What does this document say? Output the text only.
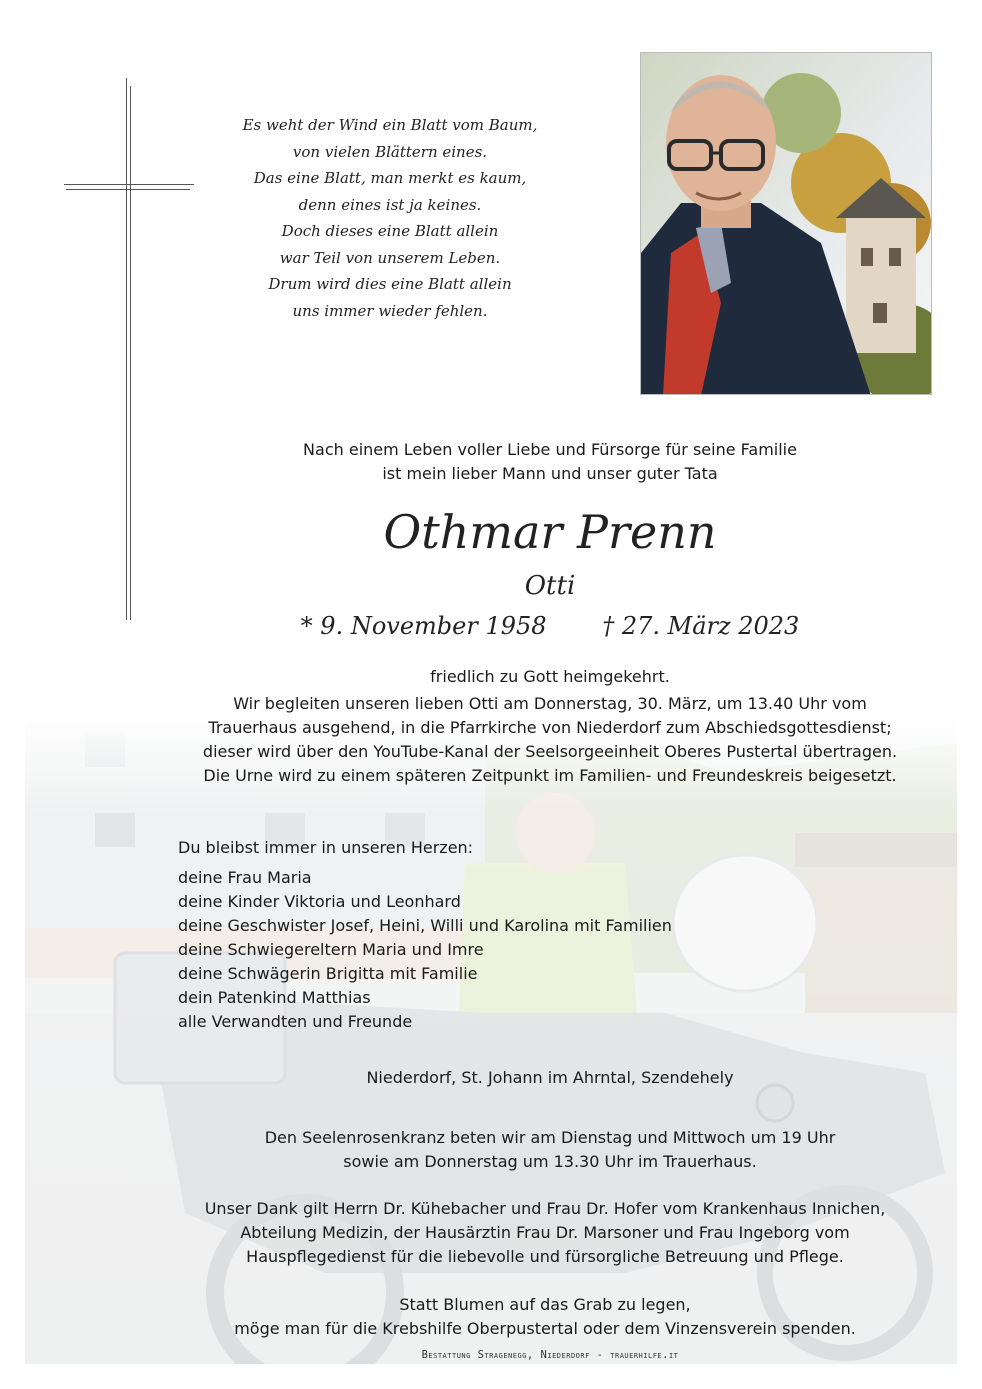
Es weht der Wind ein Blatt vom Baum,
von vielen Blättern eines.
Das eine Blatt, man merkt es kaum,
denn eines ist ja keines.
Doch dieses eine Blatt allein
war Teil von unserem Leben.
Drum wird dies eine Blatt allein
uns immer wieder fehlen.
Nach einem Leben voller Liebe und Fürsorge für seine Familie
ist mein lieber Mann und unser guter Tata
Othmar Prenn
Otti
* 9. November 1958 † 27. März 2023
friedlich zu Gott heimgekehrt.
Wir begleiten unseren lieben Otti am Donnerstag, 30. März, um 13.40 Uhr vom
Trauerhaus ausgehend, in die Pfarrkirche von Niederdorf zum Abschiedsgottesdienst;
dieser wird über den YouTube-Kanal der Seelsorgeeinheit Oberes Pustertal übertragen.
Die Urne wird zu einem späteren Zeitpunkt im Familien- und Freundeskreis beigesetzt.
Du bleibst immer in unseren Herzen:
deine Frau Maria
deine Kinder Viktoria und Leonhard
deine Geschwister Josef, Heini, Willi und Karolina mit Familien
deine Schwiegereltern Maria und Imre
deine Schwägerin Brigitta mit Familie
dein Patenkind Matthias
alle Verwandten und Freunde
Niederdorf, St. Johann im Ahrntal, Szendehely
Den Seelenrosenkranz beten wir am Dienstag und Mittwoch um 19 Uhr
sowie am Donnerstag um 13.30 Uhr im Trauerhaus.
Unser Dank gilt Herrn Dr. Kühebacher und Frau Dr. Hofer vom Krankenhaus Innichen,
Abteilung Medizin, der Hausärztin Frau Dr. Marsoner und Frau Ingeborg vom
Hauspflegedienst für die liebevolle und fürsorgliche Betreuung und Pflege.
Statt Blumen auf das Grab zu legen,
möge man für die Krebshilfe Oberpustertal oder dem Vinzensverein spenden.
Bestattung Stragenegg, Niederdorf - trauerhilfe.it
